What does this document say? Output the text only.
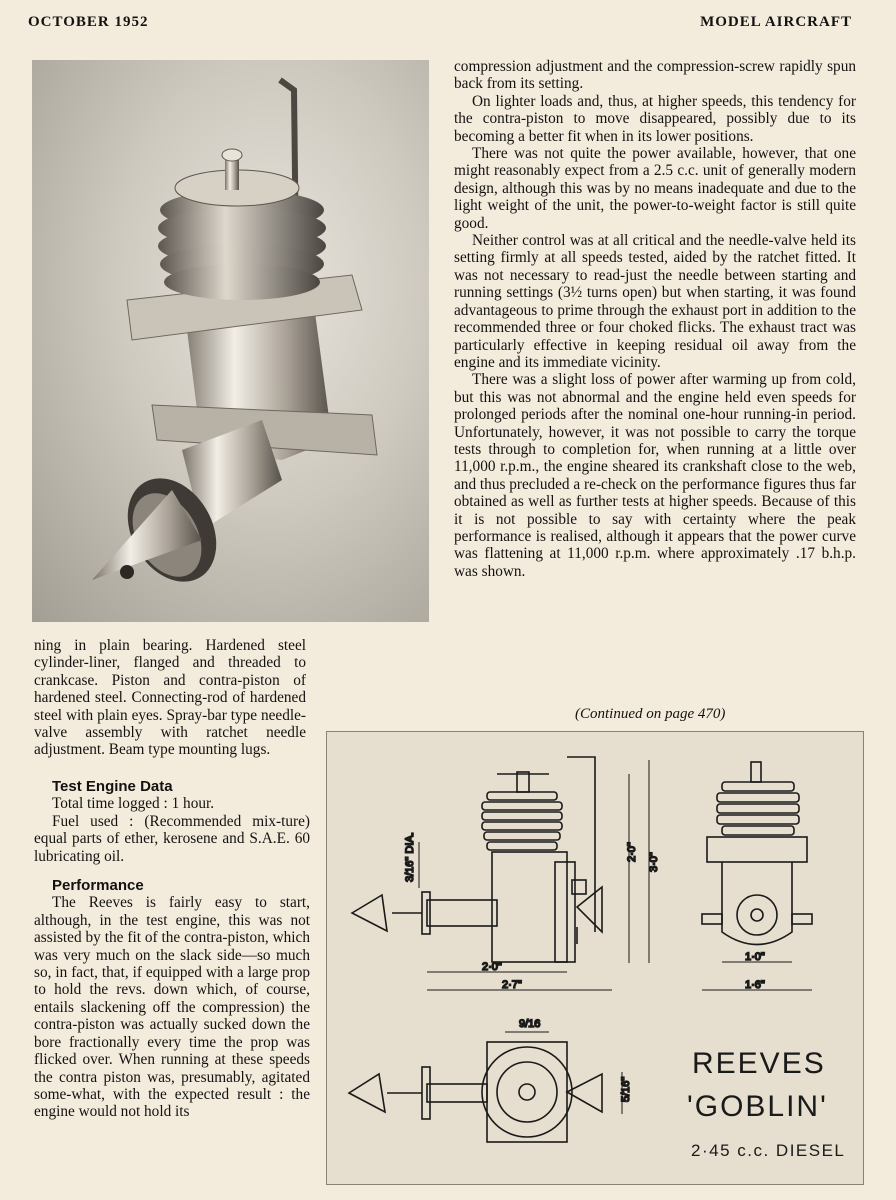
OCTOBER 1952	MODEL AIRCRAFT

compression adjustment and the compression-screw rapidly spun back from its setting.

On lighter loads and, thus, at higher speeds, this tendency for the contra-piston to move disappeared, possibly due to its becoming a better fit when in its lower positions.

There was not quite the power available, however, that one might reasonably expect from a 2.5 c.c. unit of generally modern design, although this was by no means inadequate and due to the light weight of the unit, the power-to-weight factor is still quite good.

Neither control was at all critical and the needle-valve held its setting firmly at all speeds tested, aided by the ratchet fitted. It was not necessary to read-just the needle between starting and running settings (3½ turns open) but when starting, it was found advantageous to prime through the exhaust port in addition to the recommended three or four choked flicks. The exhaust tract was particularly effective in keeping residual oil away from the engine and its immediate vicinity.

There was a slight loss of power after warming up from cold, but this was not abnormal and the engine held even speeds for prolonged periods after the nominal one-hour running-in period. Unfortunately, however, it was not possible to carry the torque tests through to completion for, when running at a little over 11,000 r.p.m., the engine sheared its crankshaft close to the web, and thus precluded a re-check on the performance figures thus far obtained as well as further tests at higher speeds. Because of this it is not possible to say with certainty where the peak performance is realised, although it appears that the power curve was flattening at 11,000 r.p.m. where approximately .17 b.h.p. was shown.

(Continued on page 470)

ning in plain bearing. Hardened steel cylinder-liner, flanged and threaded to crankcase. Piston and contra-piston of hardened steel. Connecting-rod of hardened steel with plain eyes. Spray-bar type needle-valve assembly with ratchet needle adjustment. Beam type mounting lugs.

Test Engine Data

Total time logged : 1 hour.

Fuel used : (Recommended mix-ture) equal parts of ether, kerosene and S.A.E. 60 lubricating oil.

Performance

The Reeves is fairly easy to start, although, in the test engine, this was not assisted by the fit of the contra-piston, which was very much on the slack side—so much so, in fact, that, if equipped with a large prop to hold the revs. down which, of course, entails slackening off the compression) the contra-piston was actually sucked down the bore fractionally every time the prop was flicked over. When running at these speeds the contra piston was, presumably, agitated some-what, with the expected result : the engine would not hold its

2·0"
3·0"
2·0"
2·7"
1·0"
1·6"
3/16" DIA.
9/16
5/16"
REEVES
'GOBLIN'
2·45 c.c. DIESEL
